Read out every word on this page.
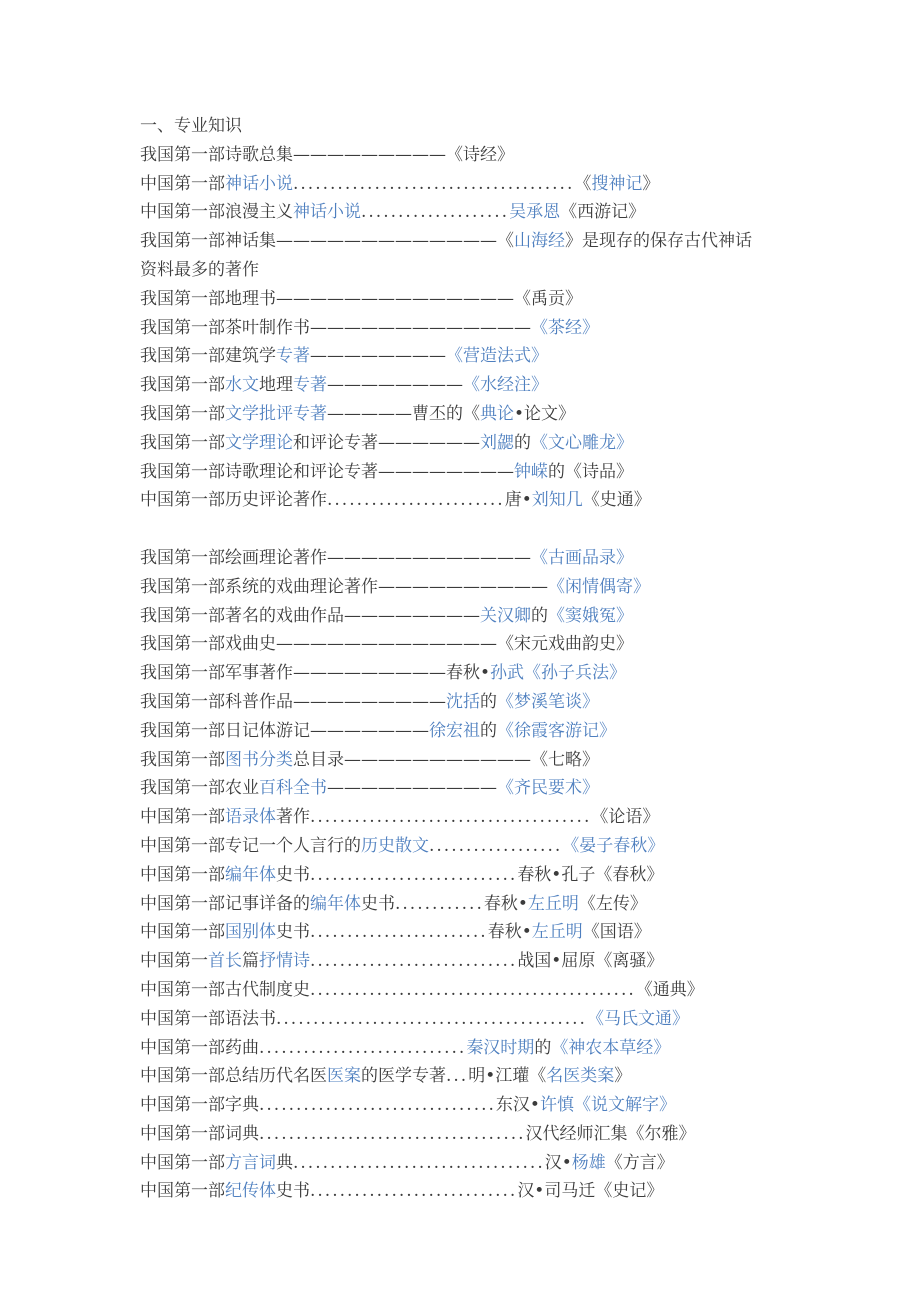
一、专业知识
我国第一部诗歌总集—————————《诗经》
中国第一部神话小说......................................《搜神记》
中国第一部浪漫主义神话小说....................吴承恩《西游记》
我国第一部神话集—————————————《山海经》是现存的保存古代神话
资料最多的著作
我国第一部地理书——————————————《禹贡》
我国第一部茶叶制作书—————————————《茶经》
我国第一部建筑学专著————————《营造法式》
我国第一部水文地理专著————————《水经注》
我国第一部文学批评专著—————曹丕的《典论•论文》
我国第一部文学理论和评论专著——————刘勰的《文心雕龙》
我国第一部诗歌理论和评论专著————————钟嵘的《诗品》
中国第一部历史评论著作........................唐•刘知几《史通》
我国第一部绘画理论著作————————————《古画品录》
我国第一部系统的戏曲理论著作——————————《闲情偶寄》
我国第一部著名的戏曲作品————————关汉卿的《窦娥冤》
我国第一部戏曲史—————————————《宋元戏曲韵史》
我国第一部军事著作—————————春秋•孙武《孙子兵法》
我国第一部科普作品—————————沈括的《梦溪笔谈》
我国第一部日记体游记———————徐宏祖的《徐霞客游记》
我国第一部图书分类总目录———————————《七略》
我国第一部农业百科全书——————————《齐民要术》
中国第一部语录体著作......................................《论语》
中国第一部专记一个人言行的历史散文..................《晏子春秋》
中国第一部编年体史书............................春秋•孔子《春秋》
中国第一部记事详备的编年体史书............春秋•左丘明《左传》
中国第一部国别体史书........................春秋•左丘明《国语》
中国第一首长篇抒情诗............................战国•屈原《离骚》
中国第一部古代制度史............................................《通典》
中国第一部语法书..........................................《马氏文通》
中国第一部药曲............................秦汉时期的《神农本草经》
中国第一部总结历代名医医案的医学专著...明•江瓘《名医类案》
中国第一部字典................................东汉•许慎《说文解字》
中国第一部词典....................................汉代经师汇集《尔雅》
中国第一部方言词典..................................汉•杨雄《方言》
中国第一部纪传体史书............................汉•司马迁《史记》
